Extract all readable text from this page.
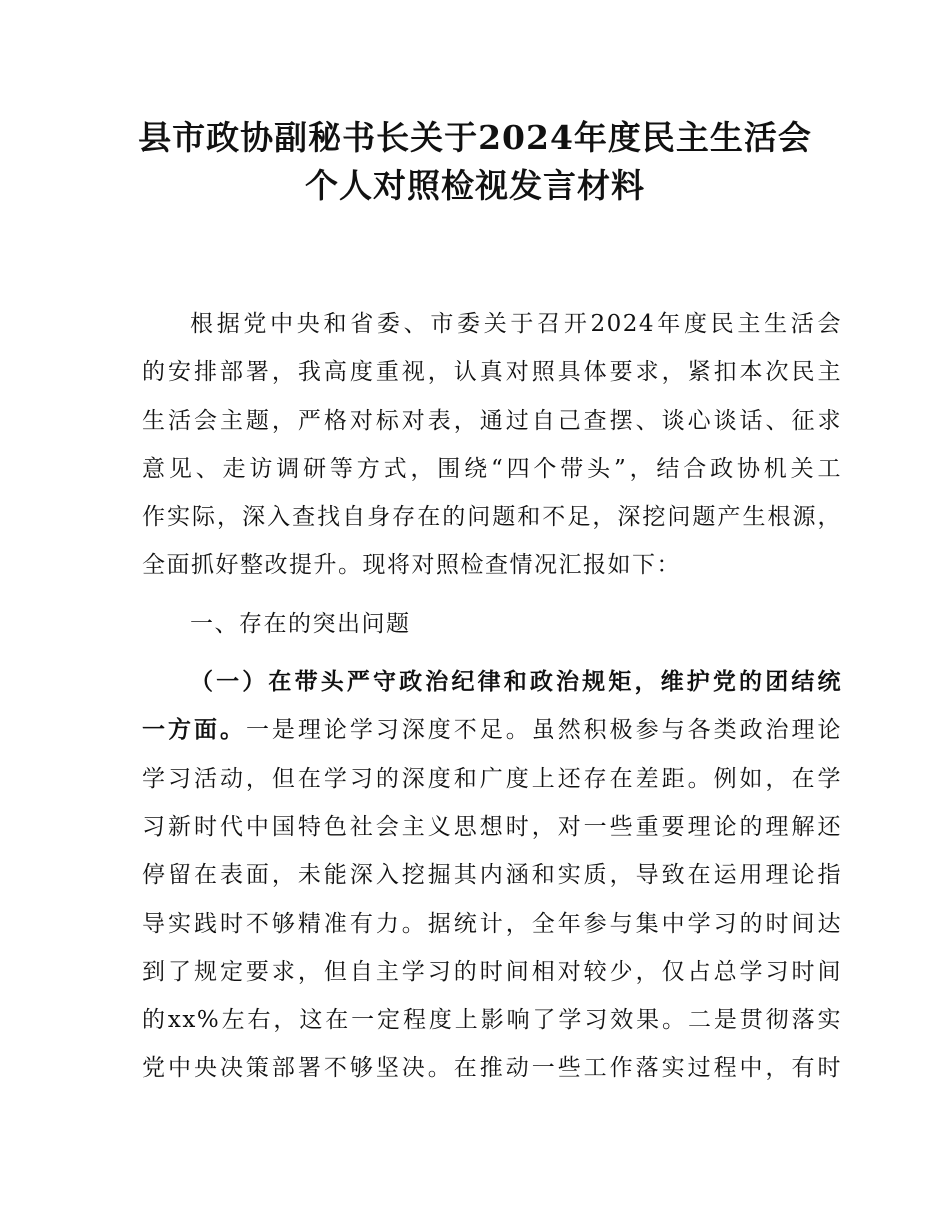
县市政协副秘书长关于2024年度民主生活会
个人对照检视发言材料
根据党中央和省委、市委关于召开2024年度民主生活会
的安排部署，我高度重视，认真对照具体要求，紧扣本次民主
生活会主题，严格对标对表，通过自己查摆、谈心谈话、征求
意见、走访调研等方式，围绕“四个带头”，结合政协机关工
作实际，深入查找自身存在的问题和不足，深挖问题产生根源，
全面抓好整改提升。现将对照检查情况汇报如下：
一、存在的突出问题
（一）在带头严守政治纪律和政治规矩，维护党的团结统
一方面。一是理论学习深度不足。虽然积极参与各类政治理论
学习活动，但在学习的深度和广度上还存在差距。例如，在学
习新时代中国特色社会主义思想时，对一些重要理论的理解还
停留在表面，未能深入挖掘其内涵和实质，导致在运用理论指
导实践时不够精准有力。据统计，全年参与集中学习的时间达
到了规定要求，但自主学习的时间相对较少，仅占总学习时间
的xx%左右，这在一定程度上影响了学习效果。二是贯彻落实
党中央决策部署不够坚决。在推动一些工作落实过程中，有时
